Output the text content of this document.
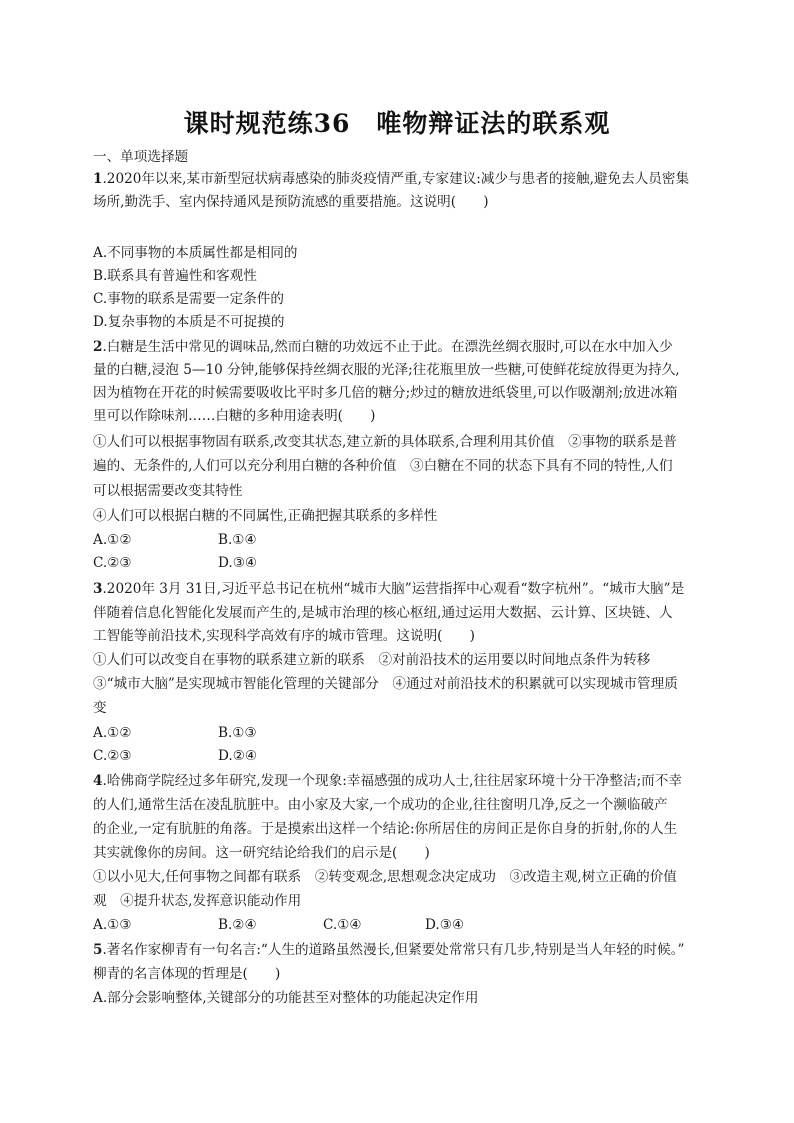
课时规范练36　唯物辩证法的联系观
一、单项选择题
1.2020年以来,某市新型冠状病毒感染的肺炎疫情严重,专家建议:减少与患者的接触,避免去人员密集
场所,勤洗手、室内保持通风是预防流感的重要措施。这说明(　　)
A.不同事物的本质属性都是相同的
B.联系具有普遍性和客观性
C.事物的联系是需要一定条件的
D.复杂事物的本质是不可捉摸的
2.白糖是生活中常见的调味品,然而白糖的功效远不止于此。在漂洗丝绸衣服时,可以在水中加入少
量的白糖,浸泡 5—10 分钟,能够保持丝绸衣服的光泽;往花瓶里放一些糖,可使鲜花绽放得更为持久,
因为植物在开花的时候需要吸收比平时多几倍的糖分;炒过的糖放进纸袋里,可以作吸潮剂;放进冰箱
里可以作除味剂……白糖的多种用途表明(　　)
①人们可以根据事物固有联系,改变其状态,建立新的具体联系,合理利用其价值　②事物的联系是普
遍的、无条件的,人们可以充分利用白糖的各种价值　③白糖在不同的状态下具有不同的特性,人们
可以根据需要改变其特性
④人们可以根据白糖的不同属性,正确把握其联系的多样性
A.①②	B.①④
C.②③	D.③④
3.2020年 3月 31日,习近平总书记在杭州“城市大脑”运营指挥中心观看“数字杭州”。“城市大脑”是
伴随着信息化智能化发展而产生的,是城市治理的核心枢纽,通过运用大数据、云计算、区块链、人
工智能等前沿技术,实现科学高效有序的城市管理。这说明(　　)
①人们可以改变自在事物的联系建立新的联系　②对前沿技术的运用要以时间地点条件为转移
③“城市大脑”是实现城市智能化管理的关键部分　④通过对前沿技术的积累就可以实现城市管理质
变
A.①②	B.①③
C.②③	D.②④
4.哈佛商学院经过多年研究,发现一个现象:幸福感强的成功人士,往往居家环境十分干净整洁;而不幸
的人们,通常生活在凌乱肮脏中。由小家及大家,一个成功的企业,往往窗明几净,反之一个濒临破产
的企业,一定有肮脏的角落。于是摸索出这样一个结论:你所居住的房间正是你自身的折射,你的人生
其实就像你的房间。这一研究结论给我们的启示是(　　)
①以小见大,任何事物之间都有联系　②转变观念,思想观念决定成功　③改造主观,树立正确的价值
观　④提升状态,发挥意识能动作用
A.①③	B.②④	C.①④	D.③④
5.著名作家柳青有一句名言:“人生的道路虽然漫长,但紧要处常常只有几步,特别是当人年轻的时候。”
柳青的名言体现的哲理是(　　)
A.部分会影响整体,关键部分的功能甚至对整体的功能起决定作用
